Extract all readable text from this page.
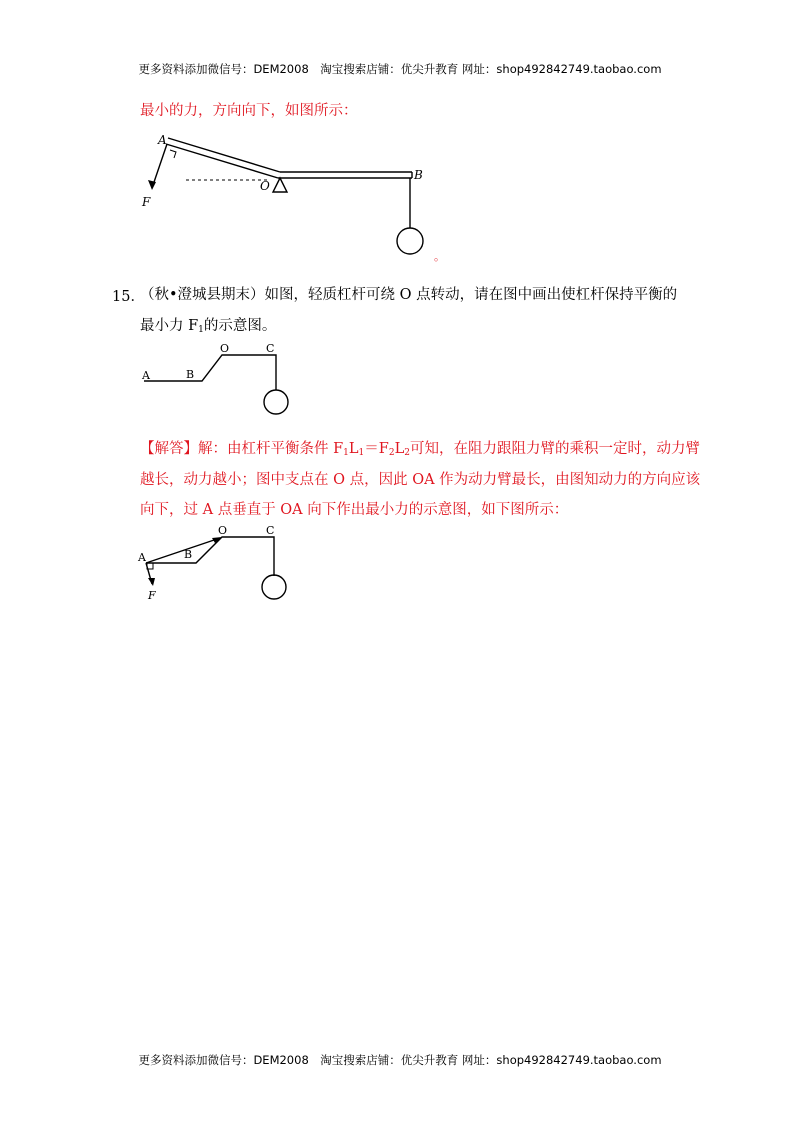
更多资料添加微信号：DEM2008　淘宝搜索店铺：优尖升教育 网址：shop492842749.taobao.com
最小的力，方向向下，如图所示：
A
O
B
F
。
15．
（秋•澄城县期末）如图，轻质杠杆可绕 O 点转动，请在图中画出使杠杆保持平衡的
最小力 $F_1$的示意图。
A	B
O	C
【解答】解：由杠杆平衡条件 $F_1L_1=F_2L_2$可知，在阻力跟阻力臂的乘积一定时，动力臂
越长，动力越小；图中支点在 O 点，因此 OA 作为动力臂最长，由图知动力的方向应该
向下，过 A 点垂直于 OA 向下作出最小力的示意图，如下图所示：
A	B
O	C
F
更多资料添加微信号：DEM2008　淘宝搜索店铺：优尖升教育 网址：shop492842749.taobao.com
